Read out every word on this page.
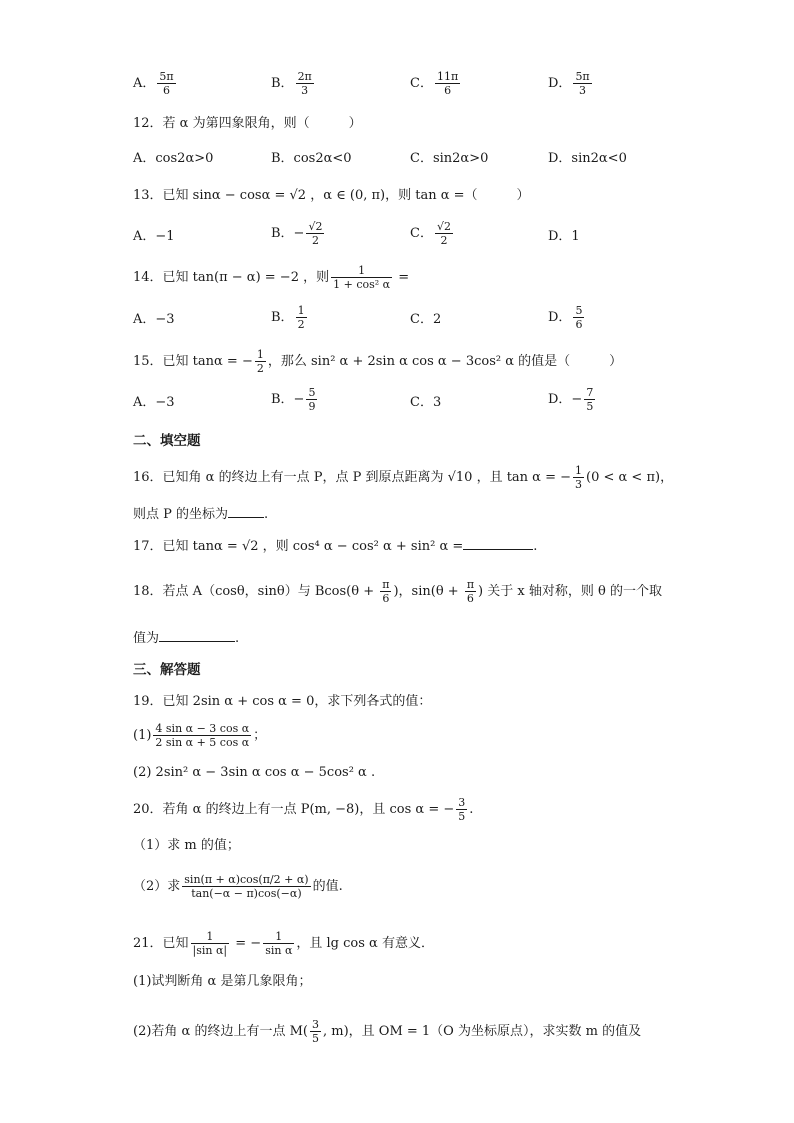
A． $\frac{5\pi}{6}$	B． $\frac{2\pi}{3}$	C． $\frac{11\pi}{6}$	D． $\frac{5\pi}{3}$
12．若 α 为第四象限角，则（　　　）
A．cos2α>0	B．cos2α<0	C．sin2α>0	D．sin2α<0
13．已知 sinα − cosα = √2 ，α ∈ (0, π)，则 tan α =（　　　）
A．−1	B．− $\frac{√2}{2}$	C． $\frac{√2}{2}$	D．1
14．已知 tan(π − α) = −2 ，则 $\frac{1}{\text{1 + cos² α}}$ =
A．−3	B． $\frac{1}{2}$	C．2	D． $\frac{5}{6}$
15．已知 tanα = − $\frac{1}{2}$ ，那么 sin² α + 2sin α cos α − 3cos² α 的值是（　　　）
A．−3	B．− $\frac{5}{9}$	C．3	D．− $\frac{7}{5}$
二、填空题
16．已知角 α 的终边上有一点 P，点 P 到原点距离为 √10 ，且 tan α = − $\frac{1}{3} (0 < \alpha < \pi)$，
则点 P 的坐标为	.
17．已知 tanα = √2 ，则 cos⁴ α − cos² α + sin² α =	.
18．若点 A（cosθ，sinθ）与 $Bcos(\theta + \frac{\pi}{6}$ )，$\sin(\theta + \frac{\pi}{6}$ ) 关于 x 轴对称，则 θ 的一个取
值为	.
三、解答题
19．已知 2sin α + cos α = 0，求下列各式的值：
$(1) \frac{\text{4 sin α − 3 cos α}}{\text{2 sin α + 5 cos α}}$ ；
(2) 2sin² α − 3sin α cos α − 5cos² α .
20．若角 α 的终边上有一点 P(m, −8)，且 cos α = − $\frac{3}{5}$ .
（1）求 m 的值；
（2）求 $\frac{\sin(\pi + \alpha)\cos(\pi/2 + \alpha)}{\tan(-\alpha - \pi)\cos(-\alpha)}$ 的值.
21．已知 $\frac{1}{\text{|sin α|}}$ = − $\frac{1}{\text{sin α}}$ ，且 lg cos α 有意义．
(1)试判断角 α 是第几象限角；
(2)若角 α 的终边上有一点 $M( \frac{3}{5}$ , m)，且 OM = 1（O 为坐标原点），求实数 m 的值及
